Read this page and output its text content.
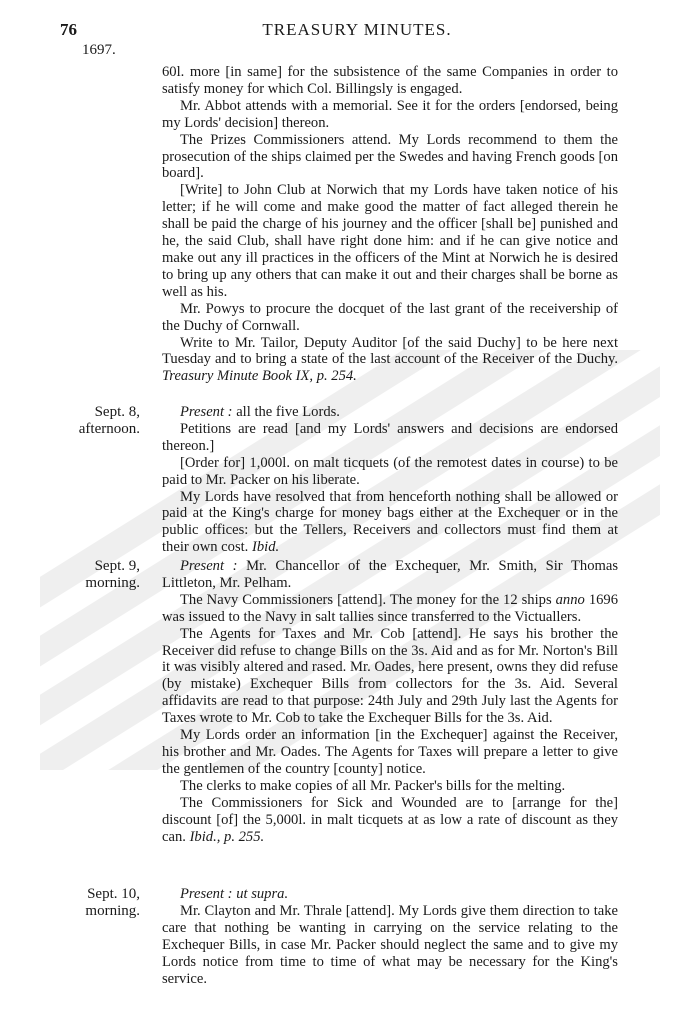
76	TREASURY MINUTES.
1697.

60l. more [in same] for the subsistence of the same Companies in order to satisfy money for which Col. Billingsly is engaged.

Mr. Abbot attends with a memorial. See it for the orders [endorsed, being my Lords' decision] thereon.

The Prizes Commissioners attend. My Lords recommend to them the prosecution of the ships claimed per the Swedes and having French goods [on board].

[Write] to John Club at Norwich that my Lords have taken notice of his letter; if he will come and make good the matter of fact alleged therein he shall be paid the charge of his journey and the officer [shall be] punished and he, the said Club, shall have right done him: and if he can give notice and make out any ill practices in the officers of the Mint at Norwich he is desired to bring up any others that can make it out and their charges shall be borne as well as his.

Mr. Powys to procure the docquet of the last grant of the receivership of the Duchy of Cornwall.

Write to Mr. Tailor, Deputy Auditor [of the said Duchy] to be here next Tuesday and to bring a state of the last account of the Receiver of the Duchy. Treasury Minute Book IX, p. 254.

Sept. 8,
afternoon.

Present : all the five Lords.

Petitions are read [and my Lords' answers and decisions are endorsed thereon.]

[Order for] 1,000l. on malt ticquets (of the remotest dates in course) to be paid to Mr. Packer on his liberate.

My Lords have resolved that from henceforth nothing shall be allowed or paid at the King's charge for money bags either at the Exchequer or in the public offices: but the Tellers, Receivers and collectors must find them at their own cost. Ibid.

Sept. 9,
morning.

Present : Mr. Chancellor of the Exchequer, Mr. Smith, Sir Thomas Littleton, Mr. Pelham.

The Navy Commissioners [attend]. The money for the 12 ships anno 1696 was issued to the Navy in salt tallies since transferred to the Victuallers.

The Agents for Taxes and Mr. Cob [attend]. He says his brother the Receiver did refuse to change Bills on the 3s. Aid and as for Mr. Norton's Bill it was visibly altered and rased. Mr. Oades, here present, owns they did refuse (by mistake) Exchequer Bills from collectors for the 3s. Aid. Several affidavits are read to that purpose: 24th July and 29th July last the Agents for Taxes wrote to Mr. Cob to take the Exchequer Bills for the 3s. Aid.

My Lords order an information [in the Exchequer] against the Receiver, his brother and Mr. Oades. The Agents for Taxes will prepare a letter to give the gentlemen of the country [county] notice.

The clerks to make copies of all Mr. Packer's bills for the melting.

The Commissioners for Sick and Wounded are to [arrange for the] discount [of] the 5,000l. in malt ticquets at as low a rate of discount as they can. Ibid., p. 255.

Sept. 10,
morning.

Present : ut supra.

Mr. Clayton and Mr. Thrale [attend]. My Lords give them direction to take care that nothing be wanting in carrying on the service relating to the Exchequer Bills, in case Mr. Packer should neglect the same and to give my Lords notice from time to time of what may be necessary for the King's service.
